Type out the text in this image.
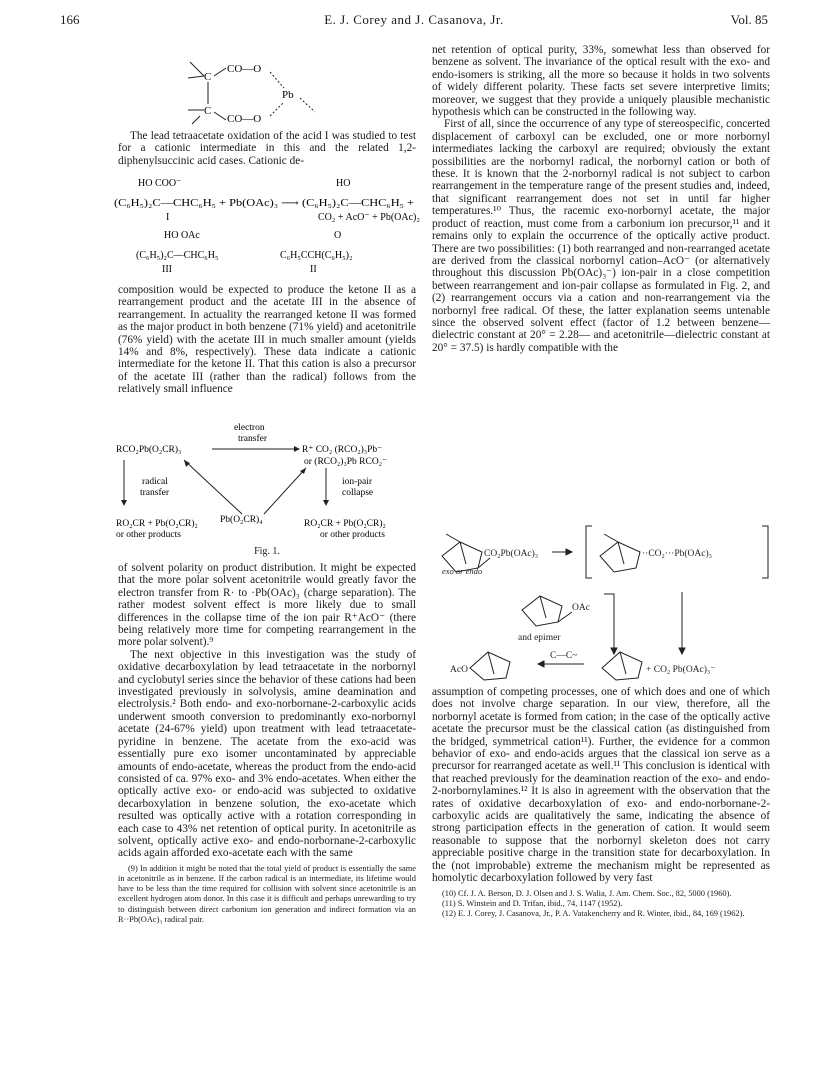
166	E. J. Corey and J. Casanova, Jr.	Vol. 85
C
CO—O
Pb
C
CO—O

The lead tetraacetate oxidation of the acid I was studied to test for a cationic intermediate in this and the related 1,2-diphenylsuccinic acid cases. Cationic de-

HO COO⁻	HO
(C₆H₅)₂C—CHC₆H₅ + Pb(OAc)₃ ⟶ (C₆H₅)₂C—CHC₆H₅ +
I	CO₂ + AcO⁻ + Pb(OAc)₂
HO OAc	O
(C₆H₅)₂C—CHC₆H₅	C₆H₅CCH(C₆H₅)₂
III	II

composition would be expected to produce the ketone II as a rearrangement product and the acetate III in the absence of rearrangement. In actuality the rearranged ketone II was formed as the major product in both benzene (71% yield) and acetonitrile (76% yield) with the acetate III in much smaller amount (yields 14% and 8%, respectively). These data indicate a cationic intermediate for the ketone II. That this cation is also a precursor of the acetate III (rather than the radical) follows from the relatively small influence

electron
transfer
RCO₂Pb(O₂CR)₃	R⁺ CO₂ (RCO₂)₃Pb⁻
or (RCO₂)₃Pb RCO₂⁻
radical
transfer
ion-pair
collapse
Pb(O₂CR)₄
RO₂CR + Pb(O₂CR)₂
or other products
RO₂CR + Pb(O₂CR)₂
or other products
Fig. 1.

of solvent polarity on product distribution. It might be expected that the more polar solvent acetonitrile would greatly favor the electron transfer from R· to ·Pb(OAc)₃ (charge separation). The rather modest solvent effect is more likely due to small differences in the collapse time of the ion pair R⁺AcO⁻ (there being relatively more time for competing rearrangement in the more polar solvent).⁹

The next objective in this investigation was the study of oxidative decarboxylation by lead tetraacetate in the norbornyl and cyclobutyl series since the behavior of these cations had been investigated previously in solvolysis, amine deamination and electrolysis.² Both endo- and exo-norbornane-2-carboxylic acids underwent smooth conversion to predominantly exo-norbornyl acetate (24-67% yield) upon treatment with lead tetraacetate-pyridine in benzene. The acetate from the exo-acid was essentially pure exo isomer uncontaminated by appreciable amounts of endo-acetate, whereas the product from the endo-acid consisted of ca. 97% exo- and 3% endo-acetates. When either the optically active exo- or endo-acid was subjected to oxidative decarboxylation in benzene solution, the exo-acetate which resulted was optically active with a rotation corresponding in each case to 43% net retention of optical purity. In acetonitrile as solvent, optically active exo- and endo-norbornane-2-carboxylic acids again afforded exo-acetate each with the same

(9) In addition it might be noted that the total yield of product is essentially the same in acetonitrile as in benzene. If the carbon radical is an intermediate, its lifetime would have to be less than the time required for collision with solvent since acetonitrile is an excellent hydrogen atom donor. In this case it is difficult and perhaps unrewarding to try to distinguish between direct carbonium ion generation and indirect formation via an R··Pb(OAc)₃ radical pair.

net retention of optical purity, 33%, somewhat less than observed for benzene as solvent. The invariance of the optical result with the exo- and endo-isomers is striking, all the more so because it holds in two solvents of widely different polarity. These facts set severe interpretive limits; moreover, we suggest that they provide a uniquely plausible mechanistic hypothesis which can be constructed in the following way.

First of all, since the occurrence of any type of stereospecific, concerted displacement of carboxyl can be excluded, one or more norbornyl intermediates lacking the carboxyl are required; obviously the extant possibilities are the norbornyl radical, the norbornyl cation or both of these. It is known that the 2-norbornyl radical is not subject to carbon rearrangement in the temperature range of the present studies and, indeed, that significant rearrangement does not set in until far higher temperatures.¹⁰ Thus, the racemic exo-norbornyl acetate, the major product of reaction, must come from a carbonium ion precursor,¹¹ and it remains only to explain the occurrence of the optically active product. There are two possibilities: (1) both rearranged and non-rearranged acetate are derived from the classical norbornyl cation–AcO⁻ (or alternatively throughout this discussion Pb(OAc)₃⁻) ion-pair in a close competition between rearrangement and ion-pair collapse as formulated in Fig. 2, and (2) rearrangement occurs via a cation and non-rearrangement via the norbornyl free radical. Of these, the latter explanation seems untenable since the observed solvent effect (factor of 1.2 between benzene—dielectric constant at 20° = 2.28— and acetonitrile—dielectric constant at 20° = 37.5) is hardly compatible with the

CO₂Pb(OAc)₃
exo or endo
··CO₂···Pb(OAc)₃
OAc
and epimer
AcO
C—C~
+ CO₂ Pb(OAc)₃⁻

assumption of competing processes, one of which does and one of which does not involve charge separation. In our view, therefore, all the norbornyl acetate is formed from cation; in the case of the optically active acetate the precursor must be the classical cation (as distinguished from the bridged, symmetrical cation¹¹). Further, the evidence for a common behavior of exo- and endo-acids argues that the classical ion serve as a precursor for rearranged acetate as well.¹¹ This conclusion is identical with that reached previously for the deamination reaction of the exo- and endo-2-norbornylamines.¹² It is also in agreement with the observation that the rates of oxidative decarboxylation of exo- and endo-norbornane-2-carboxylic acids are qualitatively the same, indicating the absence of strong participation effects in the generation of cation. It would seem reasonable to suppose that the norbornyl skeleton does not carry appreciable positive charge in the transition state for decarboxylation. In the (not improbable) extreme the mechanism might be represented as homolytic decarboxylation followed by very fast

(10) Cf. J. A. Berson, D. J. Olsen and J. S. Walia, J. Am. Chem. Soc., 82, 5000 (1960).

(11) S. Winstein and D. Trifan, ibid., 74, 1147 (1952).

(12) E. J. Corey, J. Casanova, Jr., P. A. Vatakencherry and R. Winter, ibid., 84, 169 (1962).
